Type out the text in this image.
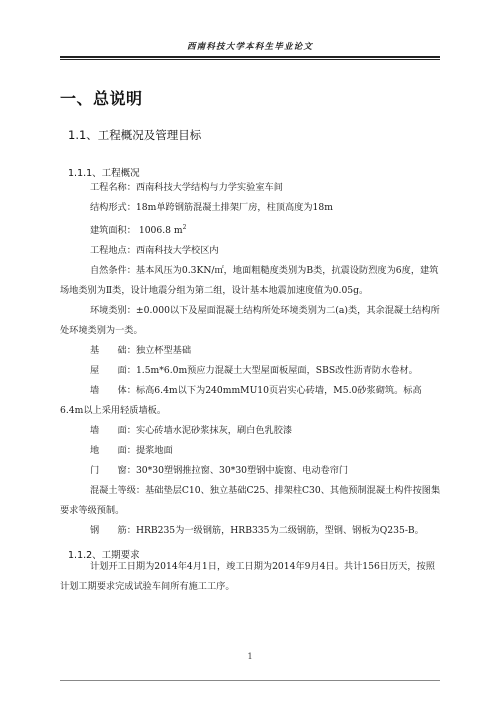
西南科技大学本科生毕业论文
一、总说明
1.1、工程概况及管理目标
1.1.1、工程概况

工程名称：西南科技大学结构与力学实验室车间

结构形式：18m单跨钢筋混凝土排架厂房，柱顶高度为18m

建筑面积： 1006.8 $m^2$

工程地点：西南科技大学校区内

自然条件：基本风压为0.3KN/㎡，地面粗糙度类别为B类，抗震设防烈度为6度，建筑场地类别为Ⅱ类，设计地震分组为第二组，设计基本地震加速度值为0.05g。

环境类别：±0.000以下及屋面混凝土结构所处环境类别为二(a)类，其余混凝土结构所处环境类别为一类。

基　　础：独立杯型基础

屋　　面：1.5m*6.0m预应力混凝土大型屋面板屋面，SBS改性沥青防水卷材。

墙　　体：标高6.4m以下为240mmMU10页岩实心砖墙，M5.0砂浆砌筑。标高6.4m以上采用轻质墙板。

墙　　面：实心砖墙水泥砂浆抹灰，刷白色乳胶漆

地　　面：提浆地面

门　　窗：30*30塑钢推拉窗、30*30塑钢中旋窗、电动卷帘门

混凝土等级：基础垫层C10、独立基础C25、排架柱C30、其他预制混凝土构件按图集要求等级预制。

钢　　筋：HRB235为一级钢筋，HRB335为二级钢筋，型钢、钢板为Q235-B。

1.1.2、工期要求

计划开工日期为2014年4月1日，竣工日期为2014年9月4日。共计156日历天，按照计划工期要求完成试验车间所有施工工序。

1
